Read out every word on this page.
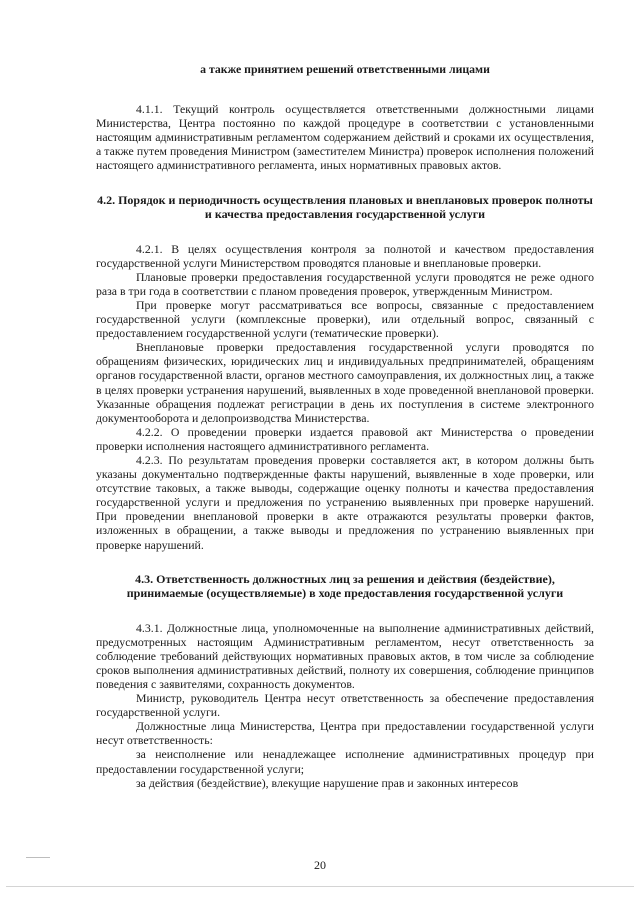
а также принятием решений ответственными лицами

4.1.1. Текущий контроль осуществляется ответственными должностными лицами Министерства, Центра постоянно по каждой процедуре в соответствии с установленными настоящим административным регламентом содержанием действий и сроками их осуществления, а также путем проведения Министром (заместителем Министра) проверок исполнения положений настоящего административного регламента, иных нормативных правовых актов.

4.2. Порядок и периодичность осуществления плановых и внеплановых проверок полноты и качества предоставления государственной услуги

4.2.1. В целях осуществления контроля за полнотой и качеством предоставления государственной услуги Министерством проводятся плановые и внеплановые проверки.

Плановые проверки предоставления государственной услуги проводятся не реже одного раза в три года в соответствии с планом проведения проверок, утвержденным Министром.

При проверке могут рассматриваться все вопросы, связанные с предоставлением государственной услуги (комплексные проверки), или отдельный вопрос, связанный с предоставлением государственной услуги (тематические проверки).

Внеплановые проверки предоставления государственной услуги проводятся по обращениям физических, юридических лиц и индивидуальных предпринимателей, обращениям органов государственной власти, органов местного самоуправления, их должностных лиц, а также в целях проверки устранения нарушений, выявленных в ходе проведенной внеплановой проверки. Указанные обращения подлежат регистрации в день их поступления в системе электронного документооборота и делопроизводства Министерства.

4.2.2. О проведении проверки издается правовой акт Министерства о проведении проверки исполнения настоящего административного регламента.

4.2.3. По результатам проведения проверки составляется акт, в котором должны быть указаны документально подтвержденные факты нарушений, выявленные в ходе проверки, или отсутствие таковых, а также выводы, содержащие оценку полноты и качества предоставления государственной услуги и предложения по устранению выявленных при проверке нарушений. При проведении внеплановой проверки в акте отражаются результаты проверки фактов, изложенных в обращении, а также выводы и предложения по устранению выявленных при проверке нарушений.

4.3. Ответственность должностных лиц за решения и действия (бездействие), принимаемые (осуществляемые) в ходе предоставления государственной услуги

4.3.1. Должностные лица, уполномоченные на выполнение административных действий, предусмотренных настоящим Административным регламентом, несут ответственность за соблюдение требований действующих нормативных правовых актов, в том числе за соблюдение сроков выполнения административных действий, полноту их совершения, соблюдение принципов поведения с заявителями, сохранность документов.

Министр, руководитель Центра несут ответственность за обеспечение предоставления государственной услуги.

Должностные лица Министерства, Центра при предоставлении государственной услуги несут ответственность:

за неисполнение или ненадлежащее исполнение административных процедур при предоставлении государственной услуги;

за действия (бездействие), влекущие нарушение прав и законных интересов

20
